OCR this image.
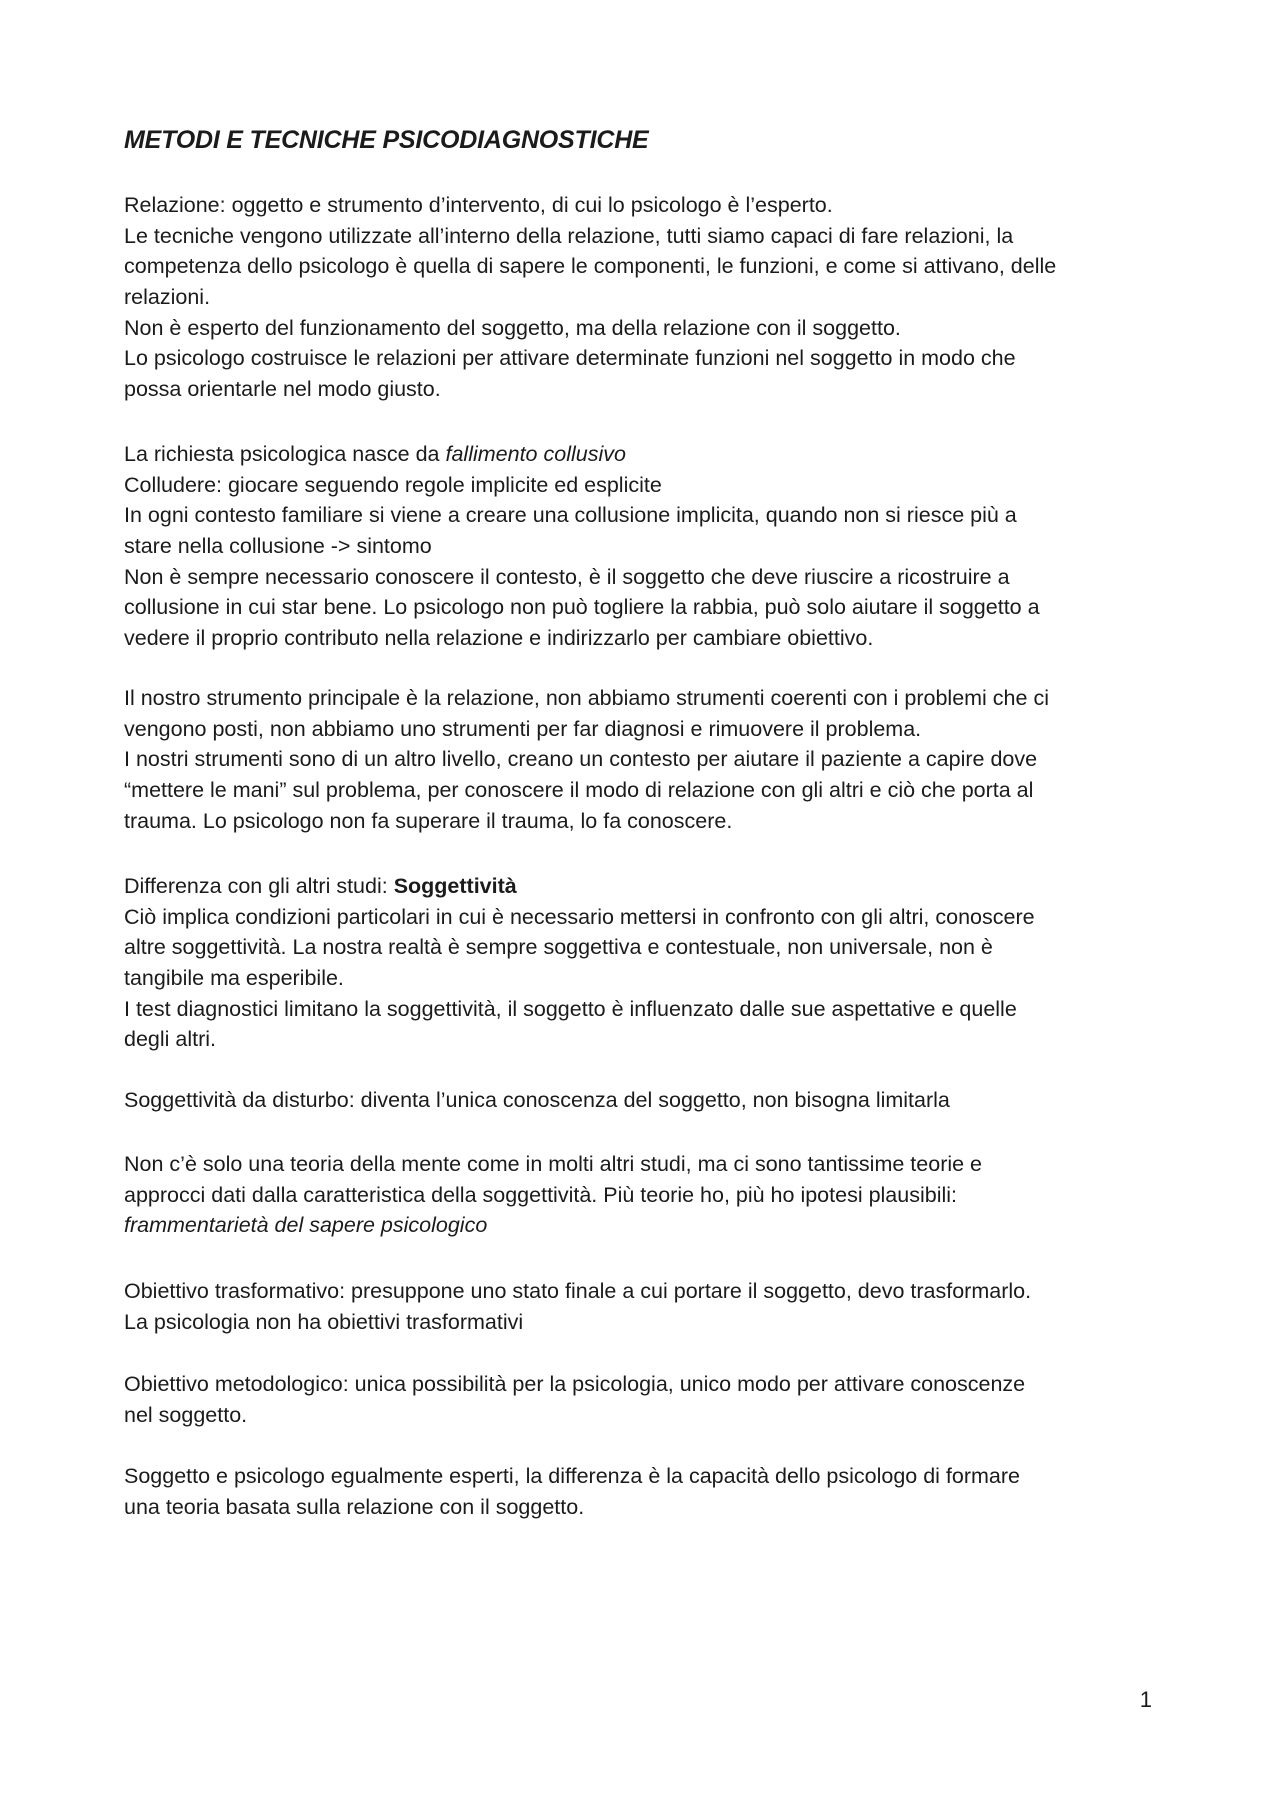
METODI E TECNICHE PSICODIAGNOSTICHE
Relazione: oggetto e strumento d’intervento, di cui lo psicologo è l’esperto.
Le tecniche vengono utilizzate all’interno della relazione, tutti siamo capaci di fare relazioni, la
competenza dello psicologo è quella di sapere le componenti, le funzioni, e come si attivano, delle
relazioni.
Non è esperto del funzionamento del soggetto, ma della relazione con il soggetto.
Lo psicologo costruisce le relazioni per attivare determinate funzioni nel soggetto in modo che
possa orientarle nel modo giusto.
La richiesta psicologica nasce da fallimento collusivo
Colludere: giocare seguendo regole implicite ed esplicite
In ogni contesto familiare si viene a creare una collusione implicita, quando non si riesce più a
stare nella collusione -> sintomo
Non è sempre necessario conoscere il contesto, è il soggetto che deve riuscire a ricostruire a
collusione in cui star bene. Lo psicologo non può togliere la rabbia, può solo aiutare il soggetto a
vedere il proprio contributo nella relazione e indirizzarlo per cambiare obiettivo.
Il nostro strumento principale è la relazione, non abbiamo strumenti coerenti con i problemi che ci
vengono posti, non abbiamo uno strumenti per far diagnosi e rimuovere il problema.
I nostri strumenti sono di un altro livello, creano un contesto per aiutare il paziente a capire dove
“mettere le mani” sul problema, per conoscere il modo di relazione con gli altri e ciò che porta al
trauma. Lo psicologo non fa superare il trauma, lo fa conoscere.
Differenza con gli altri studi: Soggettività
Ciò implica condizioni particolari in cui è necessario mettersi in confronto con gli altri, conoscere
altre soggettività. La nostra realtà è sempre soggettiva e contestuale, non universale, non è
tangibile ma esperibile.
I test diagnostici limitano la soggettività, il soggetto è influenzato dalle sue aspettative e quelle
degli altri.
Soggettività da disturbo: diventa l’unica conoscenza del soggetto, non bisogna limitarla
Non c’è solo una teoria della mente come in molti altri studi, ma ci sono tantissime teorie e
approcci dati dalla caratteristica della soggettività. Più teorie ho, più ho ipotesi plausibili:
frammentarietà del sapere psicologico
Obiettivo trasformativo: presuppone uno stato finale a cui portare il soggetto, devo trasformarlo.
La psicologia non ha obiettivi trasformativi
Obiettivo metodologico: unica possibilità per la psicologia, unico modo per attivare conoscenze
nel soggetto.
Soggetto e psicologo egualmente esperti, la differenza è la capacità dello psicologo di formare
una teoria basata sulla relazione con il soggetto.
1
